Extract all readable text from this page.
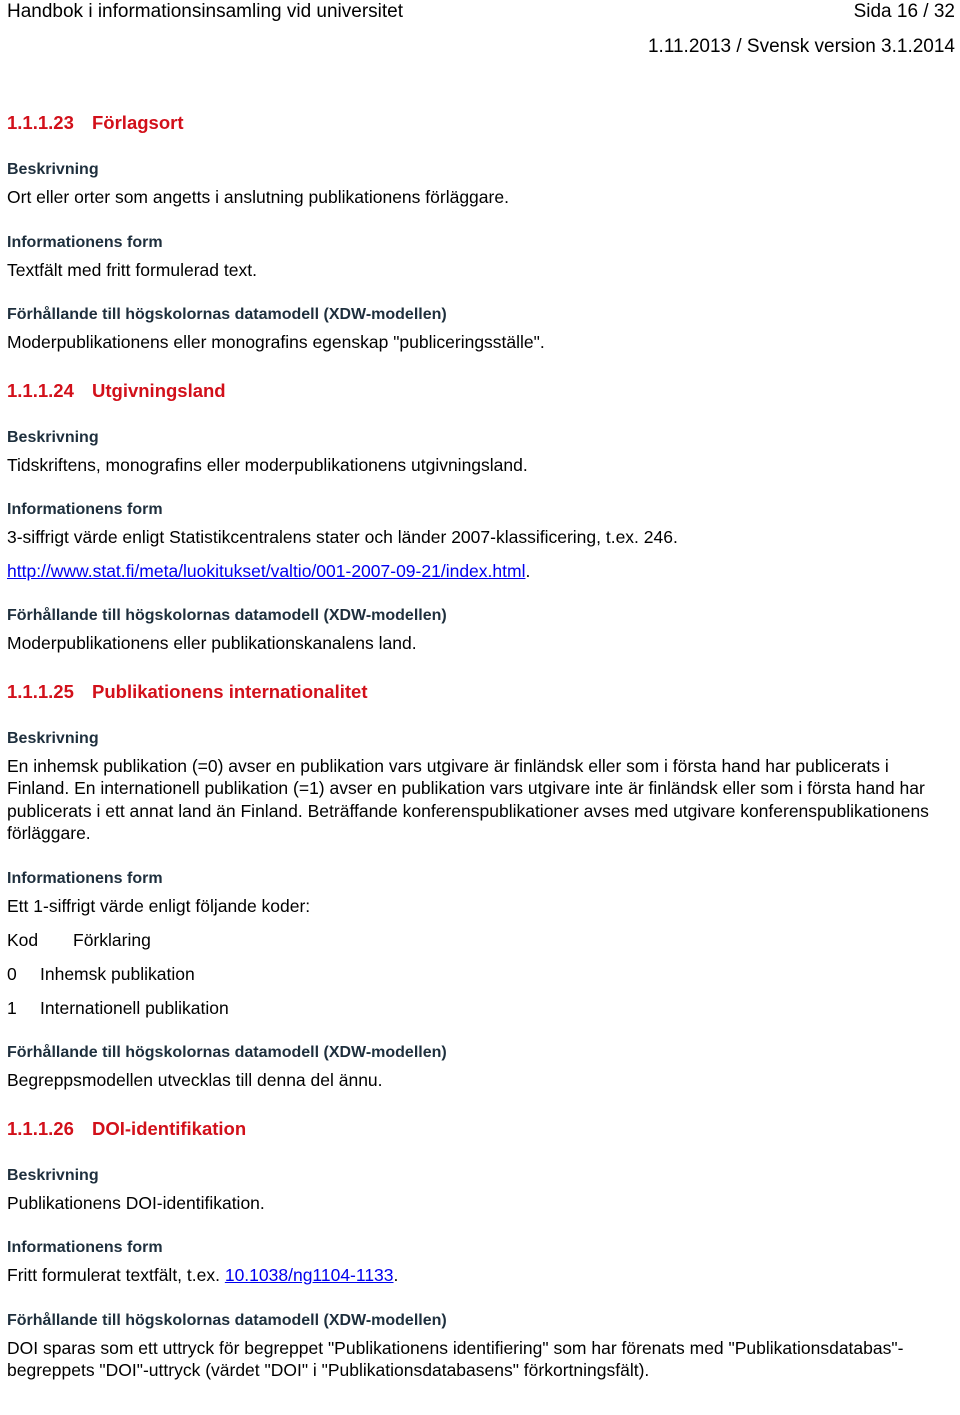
Handbok i informationsinsamling vid universitet	Sida 16 / 32
1.11.2013 / Svensk version 3.1.2014
1.1.1.23 Förlagsort
Beskrivning

Ort eller orter som angetts i anslutning publikationens förläggare.

Informationens form

Textfält med fritt formulerad text.

Förhållande till högskolornas datamodell (XDW-modellen)

Moderpublikationens eller monografins egenskap "publiceringsställe".

1.1.1.24 Utgivningsland
Beskrivning

Tidskriftens, monografins eller moderpublikationens utgivningsland.

Informationens form

3-siffrigt värde enligt Statistikcentralens stater och länder 2007-klassificering, t.ex. 246.

http://www.stat.fi/meta/luokitukset/valtio/001-2007-09-21/index.html.

Förhållande till högskolornas datamodell (XDW-modellen)

Moderpublikationens eller publikationskanalens land.

1.1.1.25 Publikationens internationalitet
Beskrivning

En inhemsk publikation (=0) avser en publikation vars utgivare är finländsk eller som i första hand har publicerats i Finland. En internationell publikation (=1) avser en publikation vars utgivare inte är finländsk eller som i första hand har publicerats i ett annat land än Finland. Beträffande konferenspublikationer avses med utgivare konferenspublikationens förläggare.

Informationens form

Ett 1-siffrigt värde enligt följande koder:

Kod Förklaring
0 Inhemsk publikation
1 Internationell publikation
Förhållande till högskolornas datamodell (XDW-modellen)

Begreppsmodellen utvecklas till denna del ännu.

1.1.1.26 DOI-identifikation
Beskrivning

Publikationens DOI-identifikation.

Informationens form

Fritt formulerat textfält, t.ex. 10.1038/ng1104-1133.

Förhållande till högskolornas datamodell (XDW-modellen)

DOI sparas som ett uttryck för begreppet "Publikationens identifiering" som har förenats med "Publikationsdatabas"-begreppets "DOI"-uttryck (värdet "DOI" i "Publikationsdatabasens" förkortningsfält).
